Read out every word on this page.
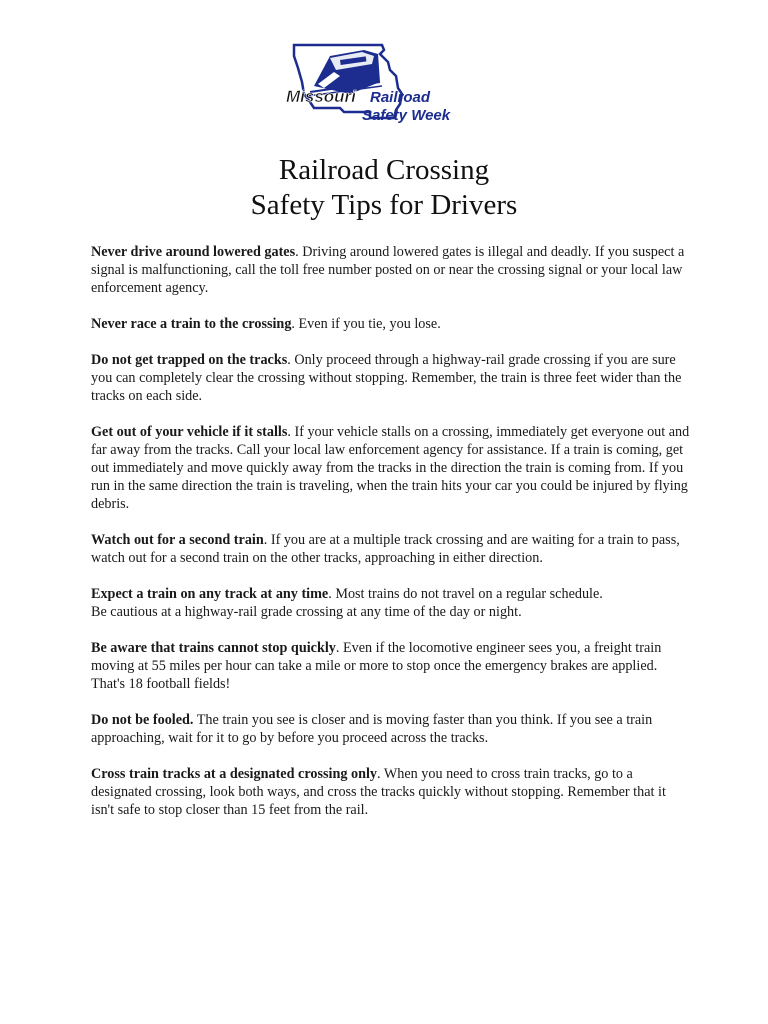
Missouri Railroad
Safety Week
Railroad Crossing
Safety Tips for Drivers

Never drive around lowered gates. Driving around lowered gates is illegal and deadly. If you suspect a signal is malfunctioning, call the toll free number posted on or near the crossing signal or your local law enforcement agency.

Never race a train to the crossing. Even if you tie, you lose.

Do not get trapped on the tracks. Only proceed through a highway-rail grade crossing if you are sure you can completely clear the crossing without stopping. Remember, the train is three feet wider than the tracks on each side.

Get out of your vehicle if it stalls. If your vehicle stalls on a crossing, immediately get everyone out and far away from the tracks. Call your local law enforcement agency for assistance. If a train is coming, get out immediately and move quickly away from the tracks in the direction the train is coming from. If you run in the same direction the train is traveling, when the train hits your car you could be injured by flying debris.

Watch out for a second train. If you are at a multiple track crossing and are waiting for a train to pass, watch out for a second train on the other tracks, approaching in either direction.

Expect a train on any track at any time. Most trains do not travel on a regular schedule.
Be cautious at a highway-rail grade crossing at any time of the day or night.

Be aware that trains cannot stop quickly. Even if the locomotive engineer sees you, a freight train moving at 55 miles per hour can take a mile or more to stop once the emergency brakes are applied. That's 18 football fields!

Do not be fooled. The train you see is closer and is moving faster than you think. If you see a train approaching, wait for it to go by before you proceed across the tracks.

Cross train tracks at a designated crossing only. When you need to cross train tracks, go to a designated crossing, look both ways, and cross the tracks quickly without stopping. Remember that it isn't safe to stop closer than 15 feet from the rail.
